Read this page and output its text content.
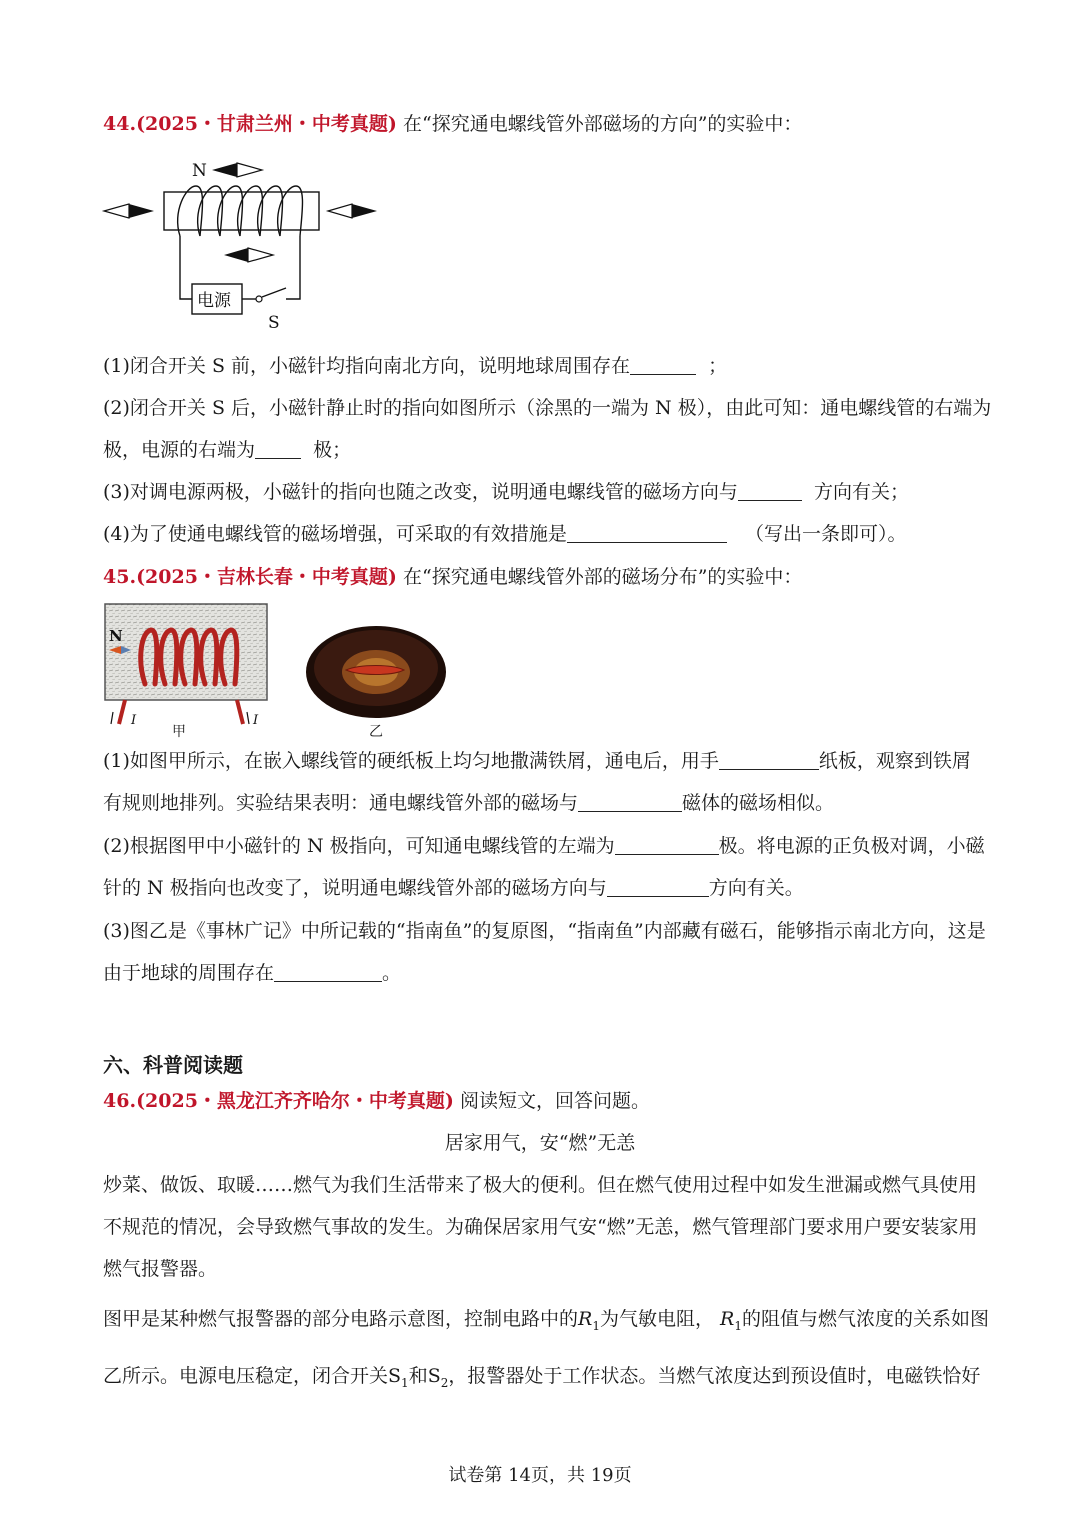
44.(2025・甘肃兰州・中考真题) 在“探究通电螺线管外部磁场的方向”的实验中：
N
电源
S
(1)闭合开关 S 前，小磁针均指向南北方向，说明地球周围存在	；
(2)闭合开关 S 后，小磁针静止时的指向如图所示（涂黑的一端为 N 极），由此可知：通电螺线管的右端为
极，电源的右端为	极；
(3)对调电源两极，小磁针的指向也随之改变，说明通电螺线管的磁场方向与	方向有关；
(4)为了使通电螺线管的磁场增强，可采取的有效措施是	（写出一条即可）。
45.(2025・吉林长春・中考真题) 在“探究通电螺线管外部的磁场分布”的实验中：
N
I	I
甲	乙
(1)如图甲所示，在嵌入螺线管的硬纸板上均匀地撒满铁屑，通电后，用手	纸板，观察到铁屑
有规则地排列。实验结果表明：通电螺线管外部的磁场与	磁体的磁场相似。
(2)根据图甲中小磁针的 N 极指向，可知通电螺线管的左端为	极。将电源的正负极对调，小磁
针的 N 极指向也改变了，说明通电螺线管外部的磁场方向与	方向有关。
(3)图乙是《事林广记》中所记载的“指南鱼”的复原图，“指南鱼”内部藏有磁石，能够指示南北方向，这是
由于地球的周围存在	。
六、科普阅读题
46.(2025・黑龙江齐齐哈尔・中考真题) 阅读短文，回答问题。
居家用气，安“燃”无恙
炒菜、做饭、取暖……燃气为我们生活带来了极大的便利。但在燃气使用过程中如发生泄漏或燃气具使用
不规范的情况，会导致燃气事故的发生。为确保居家用气安“燃”无恙，燃气管理部门要求用户要安装家用
燃气报警器。
图甲是某种燃气报警器的部分电路示意图，控制电路中的$R_1$为气敏电阻， $R_1$的阻值与燃气浓度的关系如图
乙所示。电源电压稳定，闭合开关$S_1$和$S_2$，报警器处于工作状态。当燃气浓度达到预设值时，电磁铁恰好
试卷第 14页，共 19页
